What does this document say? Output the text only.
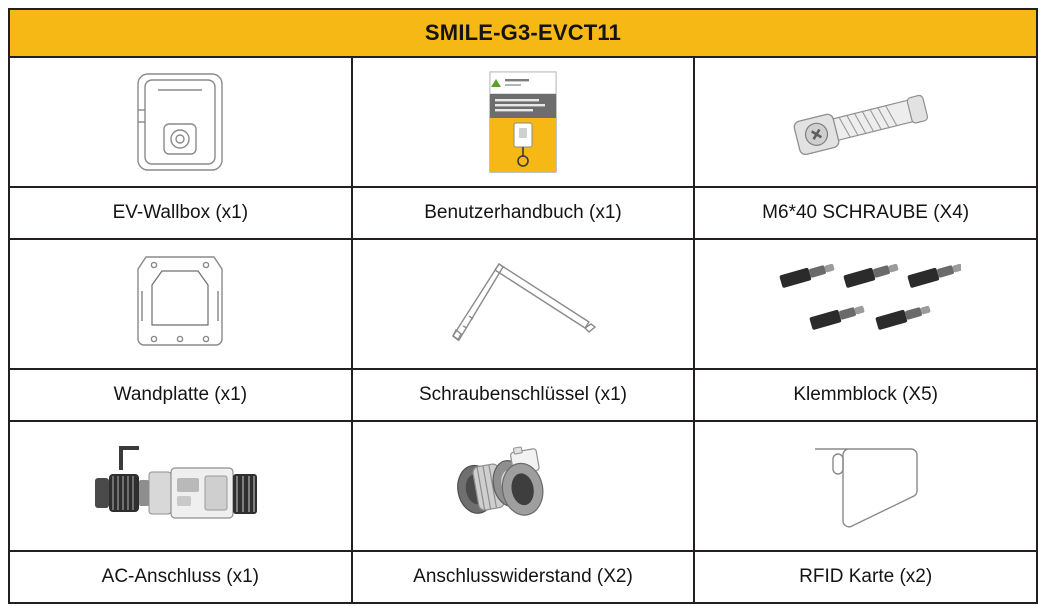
SMILE-G3-EVCT11		

EV-Wallbox (x1)	Benutzerhandbuch (x1)	M6*40 SCHRAUBE (X4)

Wandplatte (x1)	Schraubenschlüssel (x1)	Klemmblock (X5)

AC-Anschluss (x1)	Anschlusswiderstand (X2)	RFID Karte (x2)
